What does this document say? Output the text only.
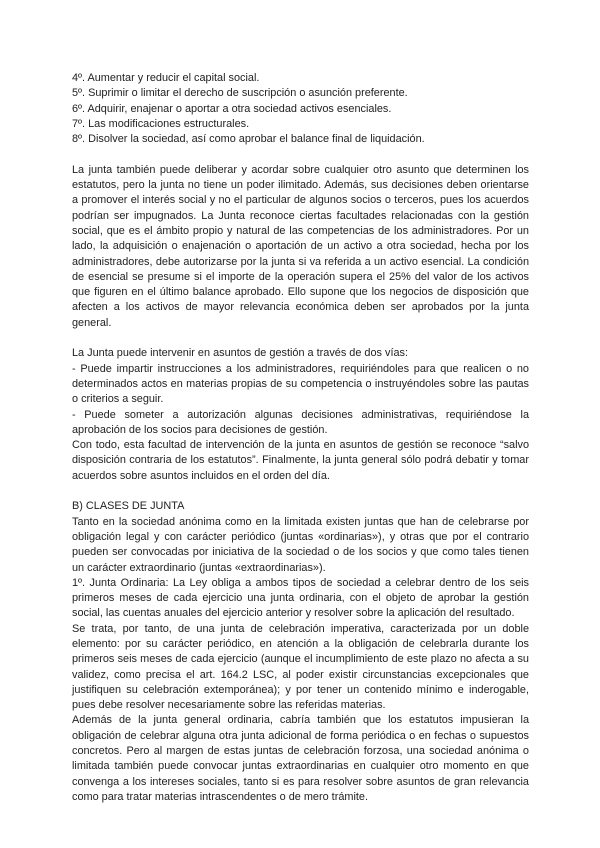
4º. Aumentar y reducir el capital social.

5º. Suprimir o limitar el derecho de suscripción o asunción preferente.

6º. Adquirir, enajenar o aportar a otra sociedad activos esenciales.

7º. Las modificaciones estructurales.

8º. Disolver la sociedad, así como aprobar el balance final de liquidación.

La junta también puede deliberar y acordar sobre cualquier otro asunto que determinen los estatutos, pero la junta no tiene un poder ilimitado. Además, sus decisiones deben orientarse a promover el interés social y no el particular de algunos socios o terceros, pues los acuerdos podrían ser impugnados. La Junta reconoce ciertas facultades relacionadas con la gestión social, que es el ámbito propio y natural de las competencias de los administradores. Por un lado, la adquisición o enajenación o aportación de un activo a otra sociedad, hecha por los administradores, debe autorizarse por la junta si va referida a un activo esencial. La condición de esencial se presume si el importe de la operación supera el 25% del valor de los activos que figuren en el último balance aprobado. Ello supone que los negocios de disposición que afecten a los activos de mayor relevancia económica deben ser aprobados por la junta general.

La Junta puede intervenir en asuntos de gestión a través de dos vías:

- Puede impartir instrucciones a los administradores, requiriéndoles para que realicen o no determinados actos en materias propias de su competencia o instruyéndoles sobre las pautas o criterios a seguir.

- Puede someter a autorización algunas decisiones administrativas, requiriéndose la aprobación de los socios para decisiones de gestión.

Con todo, esta facultad de intervención de la junta en asuntos de gestión se reconoce “salvo disposición contraria de los estatutos”. Finalmente, la junta general sólo podrá debatir y tomar acuerdos sobre asuntos incluidos en el orden del día.

B) CLASES DE JUNTA

Tanto en la sociedad anónima como en la limitada existen juntas que han de celebrarse por obligación legal y con carácter periódico (juntas «ordinarias»), y otras que por el contrario pueden ser convocadas por iniciativa de la sociedad o de los socios y que como tales tienen un carácter extraordinario (juntas «extraordinarias»).

1º. Junta Ordinaria: La Ley obliga a ambos tipos de sociedad a celebrar dentro de los seis primeros meses de cada ejercicio una junta ordinaria, con el objeto de aprobar la gestión social, las cuentas anuales del ejercicio anterior y resolver sobre la aplicación del resultado.

Se trata, por tanto, de una junta de celebración imperativa, caracterizada por un doble elemento: por su carácter periódico, en atención a la obligación de celebrarla durante los primeros seis meses de cada ejercicio (aunque el incumplimiento de este plazo no afecta a su validez, como precisa el art. 164.2 LSC, al poder existir circunstancias excepcionales que justifiquen su celebración extemporánea); y por tener un contenido mínimo e inderogable, pues debe resolver necesariamente sobre las referidas materias.

Además de la junta general ordinaria, cabría también que los estatutos impusieran la obligación de celebrar alguna otra junta adicional de forma periódica o en fechas o supuestos concretos. Pero al margen de estas juntas de celebración forzosa, una sociedad anónima o limitada también puede convocar juntas extraordinarias en cualquier otro momento en que convenga a los intereses sociales, tanto si es para resolver sobre asuntos de gran relevancia como para tratar materias intrascendentes o de mero trámite.
